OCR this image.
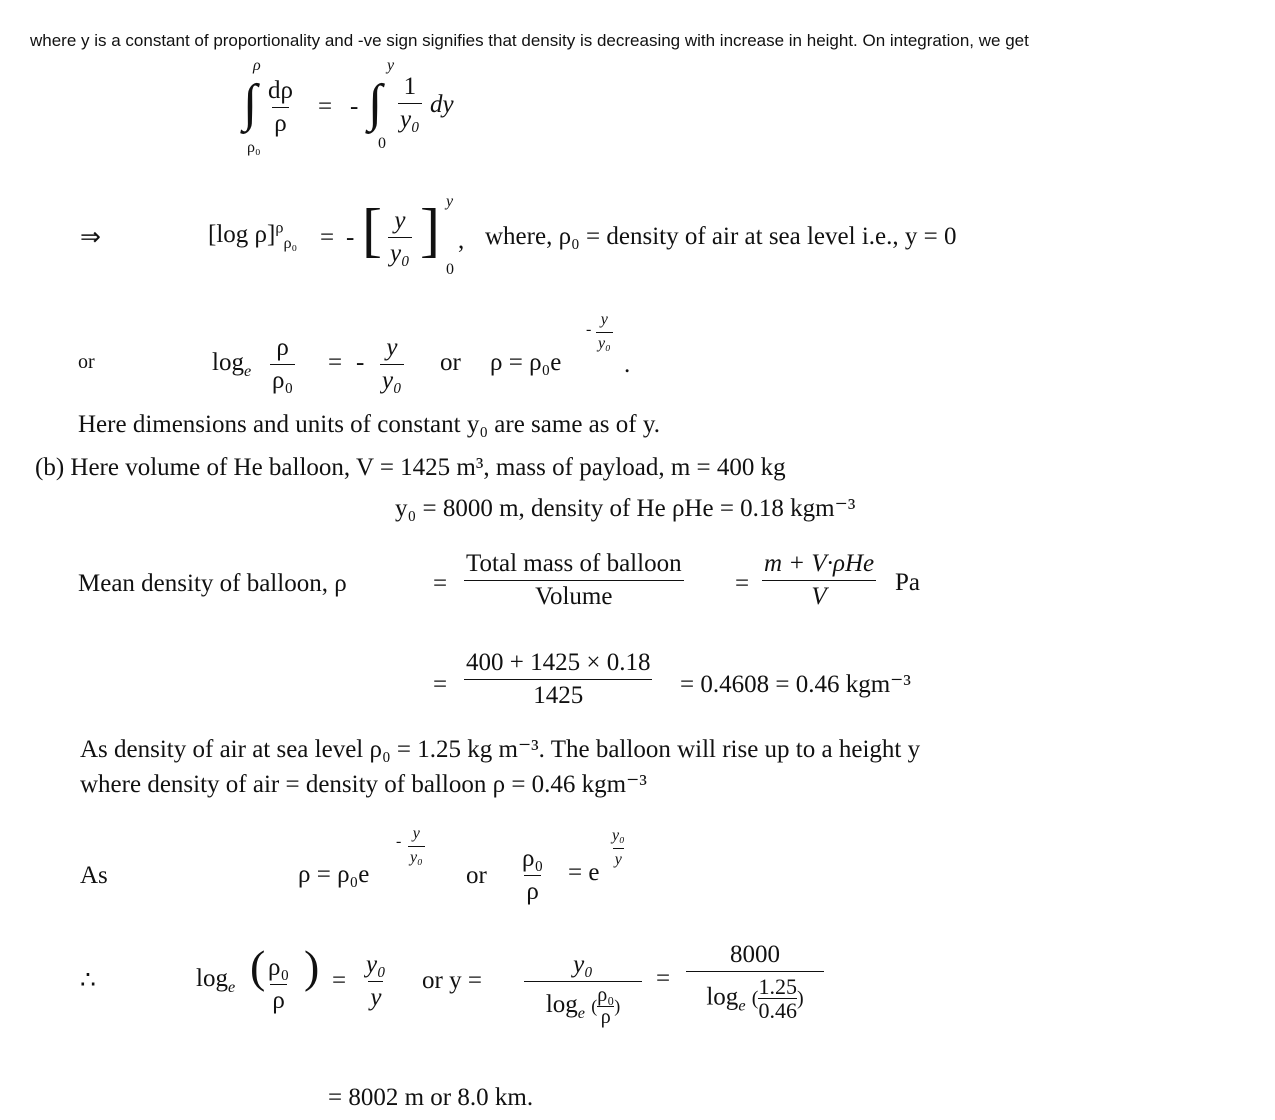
where y is a constant of proportionality and -ve sign signifies that density is decreasing with increase in height. On integration, we get
ρ
∫
ρ₀
$\frac{d\rho}{\rho}$ = -
y
∫
0
$\frac{1}{\text{y₀}}$ dy
⇒	[log ρ]$^\rho_{\rho_0}$ = - [ $\frac{y}{\text{y₀}}$ ] y
0
, where, ρ₀ = density of air at sea level i.e., y = 0
or	$\log_e \frac{\rho}{\text{ρ₀}}$ = - $\frac{y}{\text{y₀}}$ or ρ = ρ₀e
- $\frac{y}{\text{y₀}}$
.
Here dimensions and units of constant y₀ are same as of y.
(b) Here volume of He balloon, V = 1425 m³, mass of payload, m = 400 kg
y₀ = 8000 m, density of He ρHe = 0.18 kgm⁻³
Mean density of balloon, ρ	=
Total mass of balloon
Volume	=
m + V·ρHe
V
Pa
= $\frac{400 + 1425 \times 0.18}{1425} = 0.4608 = 0.46$ kgm⁻³
As density of air at sea level ρ₀ = 1.25 kg m⁻³. The balloon will rise up to a height y
where density of air = density of balloon ρ = 0.46 kgm⁻³
As	ρ = ρ₀e
- $\frac{y}{\text{y₀}}$
or $\frac{\text{ρ₀}}{\rho} = e$
$\frac{\text{y₀}}{y}$
∴	$\log_e$ ( $\frac{\text{ρ₀}}{\rho}$ ) = $\frac{\text{y₀}}{y}$ or $y = \frac{\text{y₀}}{\log_e ( \frac{\text{ρ₀}}{\rho} )} = \frac{8000}{\log_e ( \frac{1.25}{0.46} )}$
= 8002 m or 8.0 km.
